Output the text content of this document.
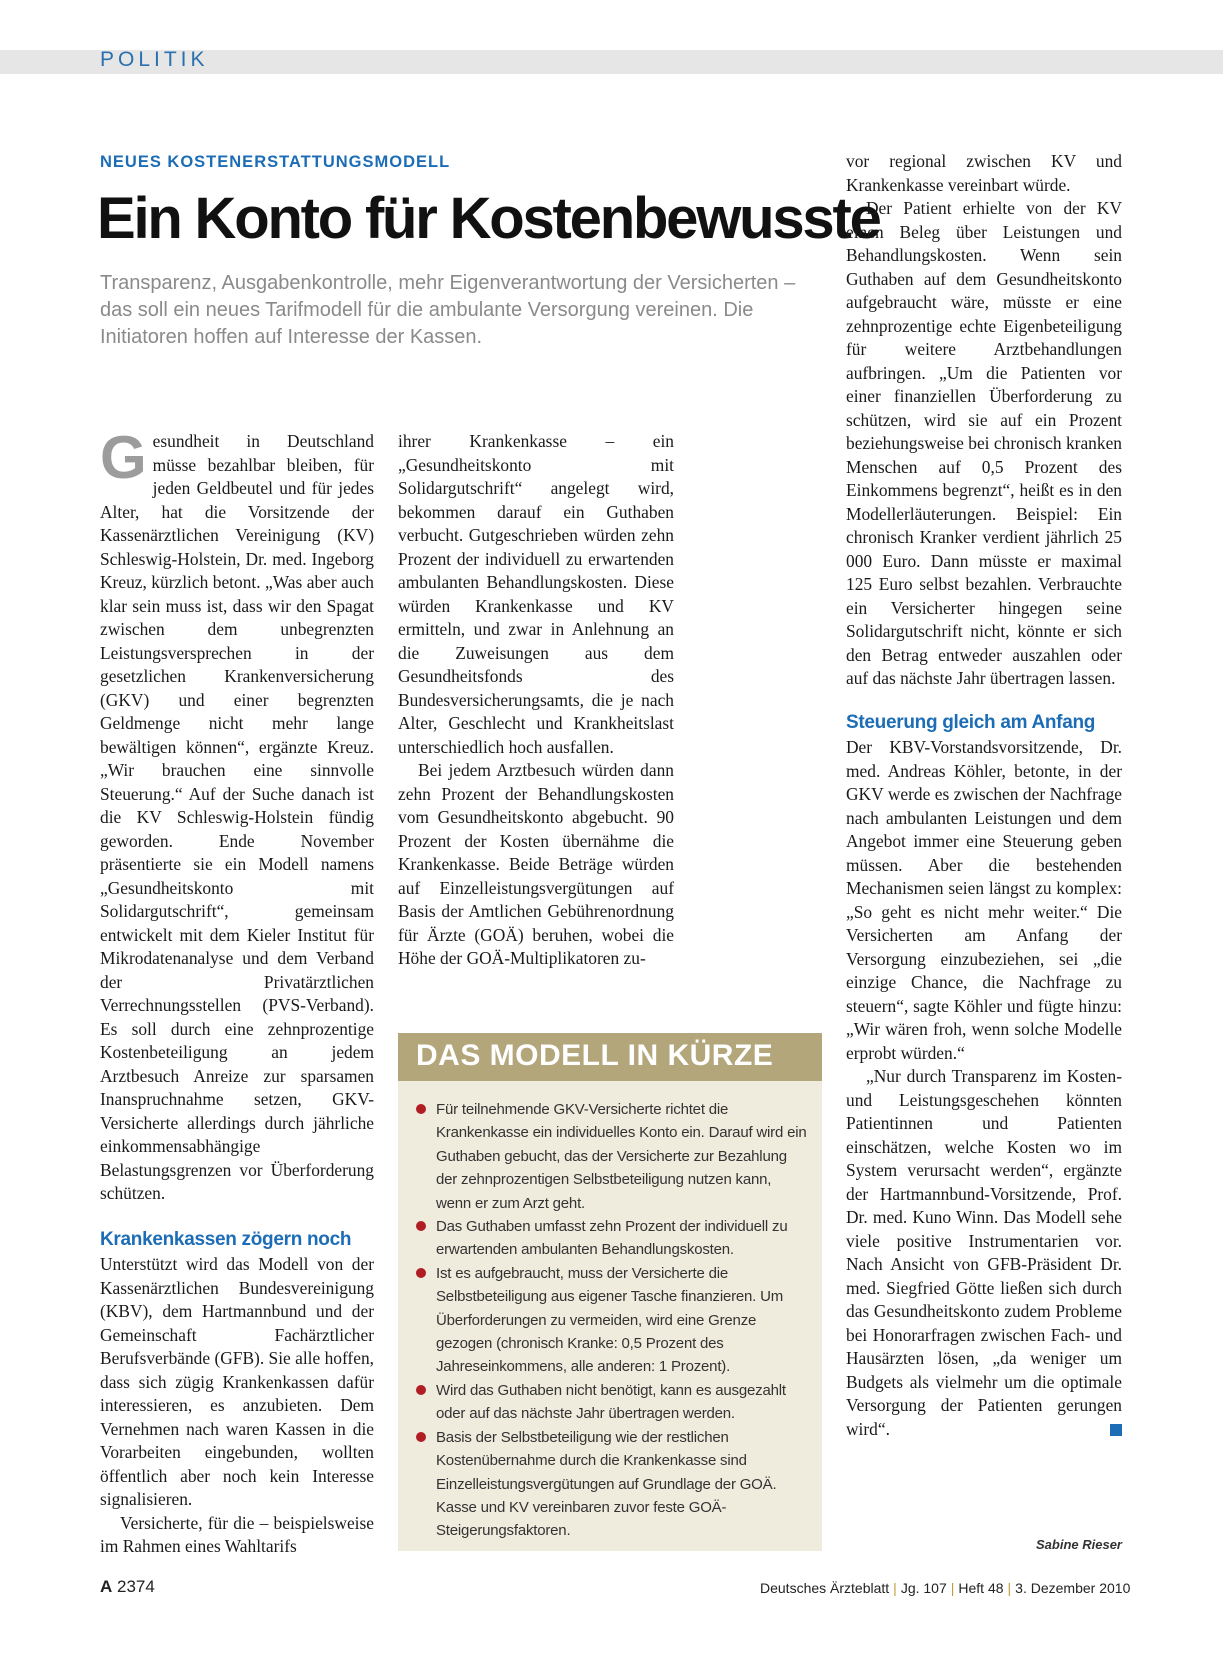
POLITIK
NEUES KOSTENERSTATTUNGSMODELL
Ein Konto für Kostenbewusste
Transparenz, Ausgabenkontrolle, mehr Eigenverantwortung der Versicherten – das soll ein neues Tarifmodell für die ambulante Versorgung vereinen. Die Initiatoren hoffen auf Interesse der Kassen.

Gesundheit in Deutschland müsse bezahlbar bleiben, für jeden Geldbeutel und für jedes Alter, hat die Vorsitzende der Kassenärztlichen Vereinigung (KV) Schleswig-Holstein, Dr. med. Ingeborg Kreuz, kürzlich betont. „Was aber auch klar sein muss ist, dass wir den Spagat zwischen dem unbegrenzten Leistungsversprechen in der gesetzlichen Krankenversicherung (GKV) und einer begrenzten Geldmenge nicht mehr lange bewältigen können“, ergänzte Kreuz. „Wir brauchen eine sinnvolle Steuerung.“ Auf der Suche danach ist die KV Schleswig-Holstein fündig geworden. Ende November präsentierte sie ein Modell namens „Gesundheitskonto mit Solidargutschrift“, gemeinsam entwickelt mit dem Kieler Institut für Mikrodatenanalyse und dem Verband der Privatärztlichen Verrechnungsstellen (PVS-Verband). Es soll durch eine zehnprozentige Kostenbeteiligung an jedem Arztbesuch Anreize zur sparsamen Inanspruchnahme setzen, GKV-Versicherte allerdings durch jährliche einkommensabhängige Belastungsgrenzen vor Überforderung schützen.

Krankenkassen zögern noch

Unterstützt wird das Modell von der Kassenärztlichen Bundesvereinigung (KBV), dem Hartmannbund und der Gemeinschaft Fachärztlicher Berufsverbände (GFB). Sie alle hoffen, dass sich zügig Krankenkassen dafür interessieren, es anzubieten. Dem Vernehmen nach waren Kassen in die Vorarbeiten eingebunden, wollten öffentlich aber noch kein Interesse signalisieren.

Versicherte, für die – beispielsweise im Rahmen eines Wahltarifs

ihrer Krankenkasse – ein „Gesundheitskonto mit Solidargutschrift“ angelegt wird, bekommen darauf ein Guthaben verbucht. Gutgeschrieben würden zehn Prozent der individuell zu erwartenden ambulanten Behandlungskosten. Diese würden Krankenkasse und KV ermitteln, und zwar in Anlehnung an die Zuweisungen aus dem Gesundheitsfonds des Bundesversicherungsamts, die je nach Alter, Geschlecht und Krankheitslast unterschiedlich hoch ausfallen.

Bei jedem Arztbesuch würden dann zehn Prozent der Behandlungskosten vom Gesundheitskonto abgebucht. 90 Prozent der Kosten übernähme die Krankenkasse. Beide Beträge würden auf Einzelleistungsvergütungen auf Basis der Amtlichen Gebührenordnung für Ärzte (GOÄ) beruhen, wobei die Höhe der GOÄ-Multiplikatoren zu-

vor regional zwischen KV und Krankenkasse vereinbart würde.

Der Patient erhielte von der KV einen Beleg über Leistungen und Behandlungskosten. Wenn sein Guthaben auf dem Gesundheitskonto aufgebraucht wäre, müsste er eine zehnprozentige echte Eigenbeteiligung für weitere Arztbehandlungen aufbringen. „Um die Patienten vor einer finanziellen Überforderung zu schützen, wird sie auf ein Prozent beziehungsweise bei chronisch kranken Menschen auf 0,5 Prozent des Einkommens begrenzt“, heißt es in den Modellerläuterungen. Beispiel: Ein chronisch Kranker verdient jährlich 25 000 Euro. Dann müsste er maximal 125 Euro selbst bezahlen. Verbrauchte ein Versicherter hingegen seine Solidargutschrift nicht, könnte er sich den Betrag entweder auszahlen oder auf das nächste Jahr übertragen lassen.

Steuerung gleich am Anfang

Der KBV-Vorstandsvorsitzende, Dr. med. Andreas Köhler, betonte, in der GKV werde es zwischen der Nachfrage nach ambulanten Leistungen und dem Angebot immer eine Steuerung geben müssen. Aber die bestehenden Mechanismen seien längst zu komplex: „So geht es nicht mehr weiter.“ Die Versicherten am Anfang der Versorgung einzubeziehen, sei „die einzige Chance, die Nachfrage zu steuern“, sagte Köhler und fügte hinzu: „Wir wären froh, wenn solche Modelle erprobt würden.“

„Nur durch Transparenz im Kosten- und Leistungsgeschehen könnten Patientinnen und Patienten einschätzen, welche Kosten wo im System verursacht werden“, ergänzte der Hartmannbund-Vorsitzende, Prof. Dr. med. Kuno Winn. Das Modell sehe viele positive Instrumentarien vor. Nach Ansicht von GFB-Präsident Dr. med. Siegfried Götte ließen sich durch das Gesundheitskonto zudem Probleme bei Honorarfragen zwischen Fach- und Hausärzten lösen, „da weniger um Budgets als vielmehr um die optimale Versorgung der Patienten gerungen wird“.

Sabine Rieser
DAS MODELL IN KÜRZE
Für teilnehmende GKV-Versicherte richtet die Krankenkasse ein individuelles Konto ein. Darauf wird ein Guthaben gebucht, das der Versicherte zur Bezahlung der zehnprozentigen Selbstbeteiligung nutzen kann, wenn er zum Arzt geht.
Das Guthaben umfasst zehn Prozent der individuell zu erwartenden ambulanten Behandlungskosten.
Ist es aufgebraucht, muss der Versicherte die Selbstbeteiligung aus eigener Tasche finanzieren. Um Überforderungen zu vermeiden, wird eine Grenze gezogen (chronisch Kranke: 0,5 Prozent des Jahreseinkommens, alle anderen: 1 Prozent).
Wird das Guthaben nicht benötigt, kann es ausgezahlt oder auf das nächste Jahr übertragen werden.
Basis der Selbstbeteiligung wie der restlichen Kostenübernahme durch die Krankenkasse sind Einzelleistungsvergütungen auf Grundlage der GOÄ. Kasse und KV vereinbaren zuvor feste GOÄ-Steigerungsfaktoren.
A 2374	Deutsches Ärzteblatt | Jg. 107 | Heft 48 | 3. Dezember 2010
